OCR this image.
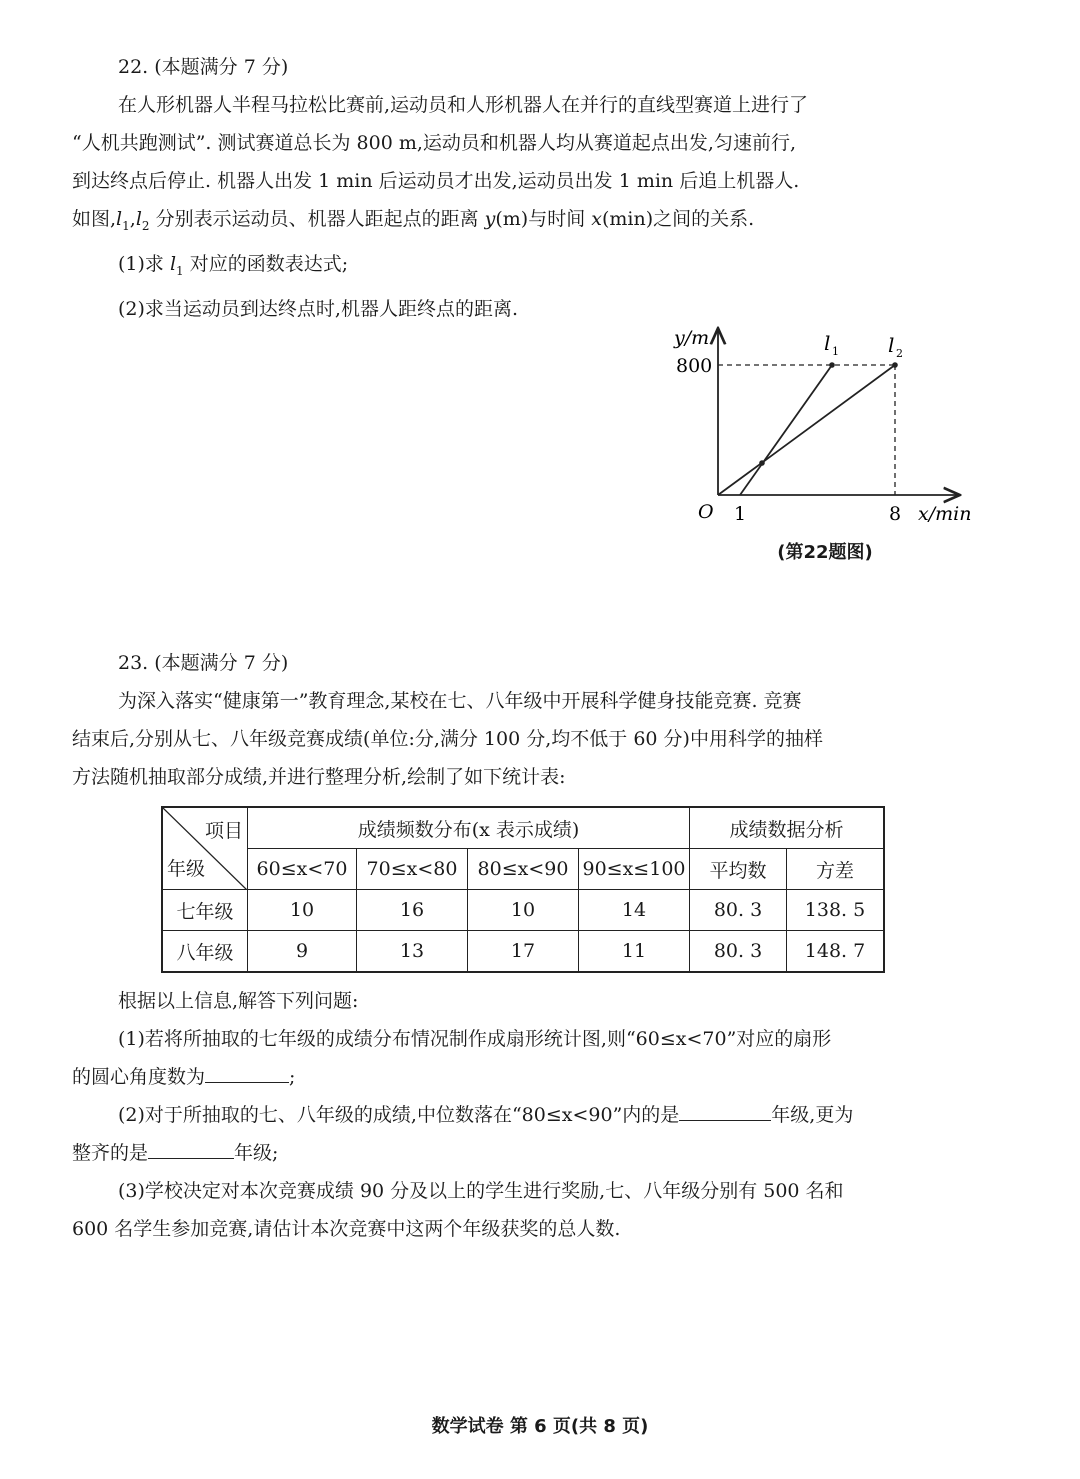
22. (本题满分 7 分)
在人形机器人半程马拉松比赛前,运动员和人形机器人在并行的直线型赛道上进行了
“人机共跑测试”. 测试赛道总长为 800 m,运动员和机器人均从赛道起点出发,匀速前行,
到达终点后停止. 机器人出发 1 min 后运动员才出发,运动员出发 1 min 后追上机器人.
如图$,l_1,l_2$ 分别表示运动员、机器人距起点的距离 y(m)与时间 x(min)之间的关系.
(1)求 $l_1$ 对应的函数表达式;
(2)求当运动员到达终点时,机器人距终点的距离.
y/m
800
O 1	8 x/min
l 1 l 2
(第22题图)
23. (本题满分 7 分)
为深入落实“健康第一”教育理念,某校在七、八年级中开展科学健身技能竞赛. 竞赛
结束后,分别从七、八年级竞赛成绩(单位:分,满分 100 分,均不低于 60 分)中用科学的抽样
方法随机抽取部分成绩,并进行整理分析,绘制了如下统计表:
项目
年级	成绩频数分布(x 表示成绩)				成绩数据分析	
	60≤x<70	70≤x<80	80≤x<90	90≤x≤100	平均数	方差
七年级	10	16	10	14	80. 3	138. 5
八年级	9	13	17	11	80. 3	148. 7
根据以上信息,解答下列问题:
(1)若将所抽取的七年级的成绩分布情况制作成扇形统计图,则“60≤x<70”对应的扇形
的圆心角度数为	;
(2)对于所抽取的七、八年级的成绩,中位数落在“80≤x<90”内的是	年级,更为
整齐的是	年级;
(3)学校决定对本次竞赛成绩 90 分及以上的学生进行奖励,七、八年级分别有 500 名和
600 名学生参加竞赛,请估计本次竞赛中这两个年级获奖的总人数.
数学试卷 第 6 页(共 8 页)
